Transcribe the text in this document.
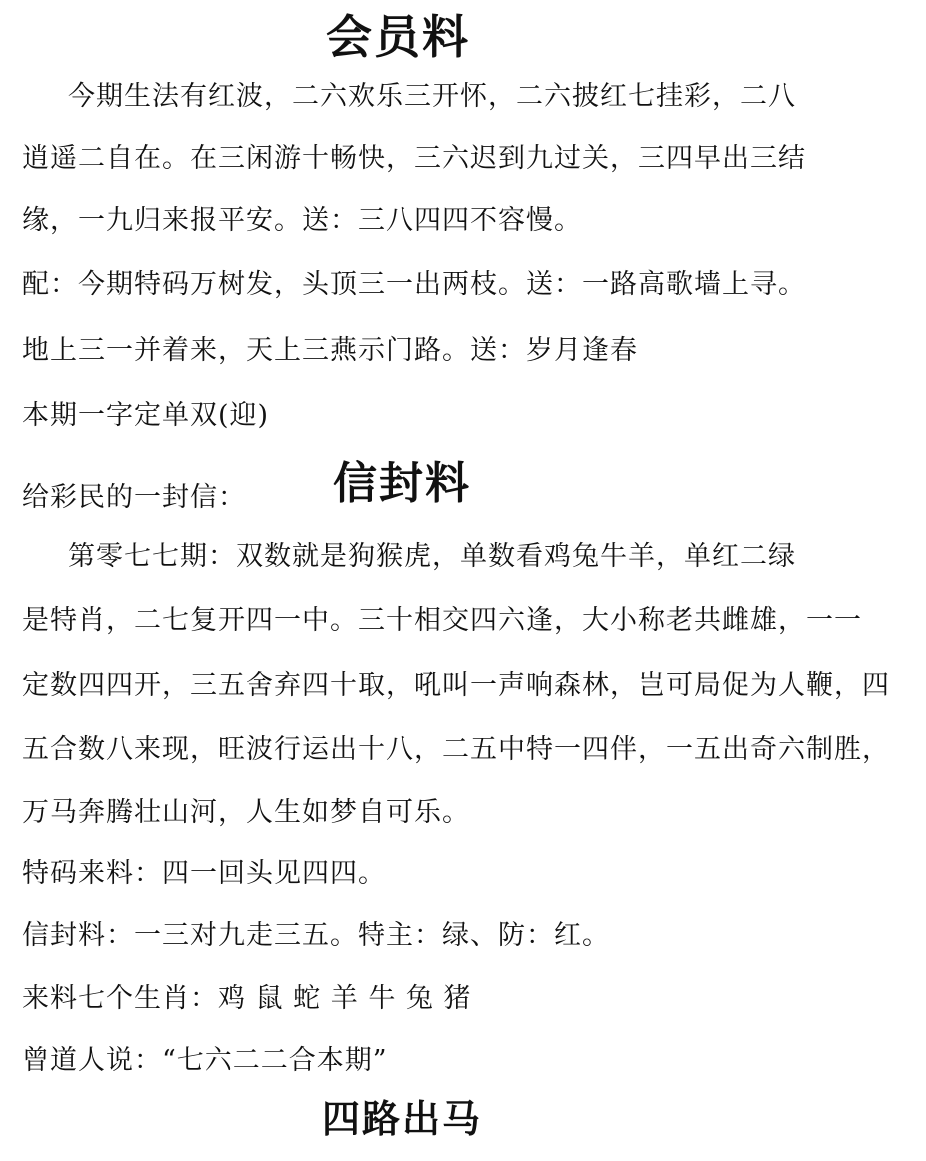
会员料
今期生法有红波，二六欢乐三开怀，二六披红七挂彩，二八
逍遥二自在。在三闲游十畅快，三六迟到九过关，三四早出三结
缘，一九归来报平安。送：三八四四不容慢。
配：今期特码万树发，头顶三一出两枝。送：一路高歌墙上寻。
地上三一并着来，天上三燕示门路。送：岁月逢春
本期一字定单双(迎)
给彩民的一封信： 信封料
第零七七期：双数就是狗猴虎，单数看鸡兔牛羊，单红二绿
是特肖，二七复开四一中。三十相交四六逢，大小称老共雌雄，一一
定数四四开，三五舍弃四十取，吼叫一声响森林，岂可局促为人鞭，四
五合数八来现，旺波行运出十八，二五中特一四伴，一五出奇六制胜，
万马奔腾壮山河，人生如梦自可乐。
特码来料：四一回头见四四。
信封料：一三对九走三五。特主：绿、防：红。
来料七个生肖：鸡 鼠 蛇 羊 牛 兔 猪
曾道人说：“七六二二合本期”
四路出马
